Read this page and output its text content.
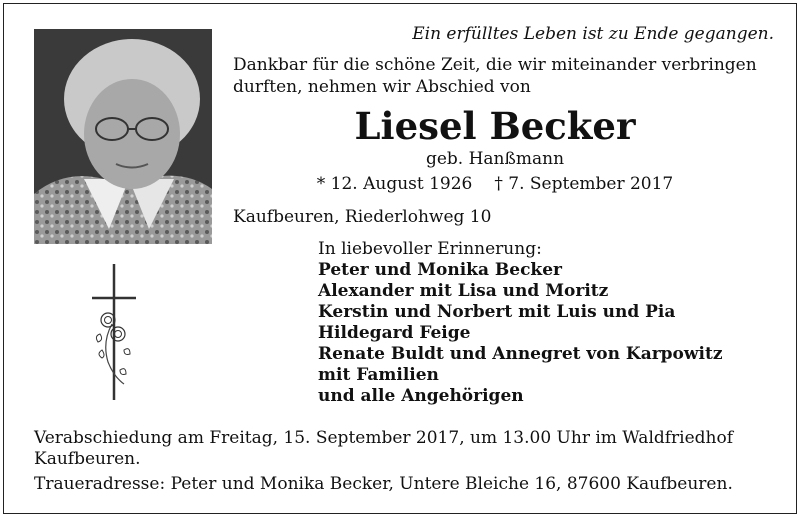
Ein erfülltes Leben ist zu Ende gegangen.
Dankbar für die schöne Zeit, die wir miteinander verbringen
durften, nehmen wir Abschied von
Liesel Becker
geb. Hanßmann
* 12. August 1926 † 7. September 2017
Kaufbeuren, Riederlohweg 10
In liebevoller Erinnerung:
Peter und Monika Becker
Alexander mit Lisa und Moritz
Kerstin und Norbert mit Luis und Pia
Hildegard Feige
Renate Buldt und Annegret von Karpowitz
mit Familien
und alle Angehörigen
Verabschiedung am Freitag, 15. September 2017, um 13.00 Uhr im Waldfriedhof
Kaufbeuren.
Traueradresse: Peter und Monika Becker, Untere Bleiche 16, 87600 Kaufbeuren.
